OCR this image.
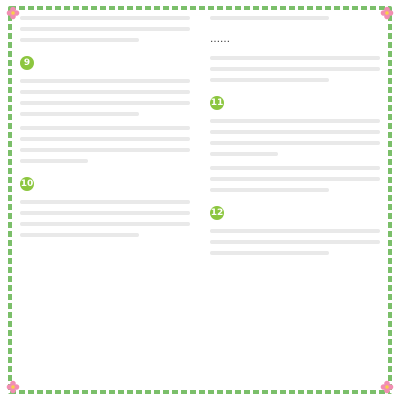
9
10
……
11
12
